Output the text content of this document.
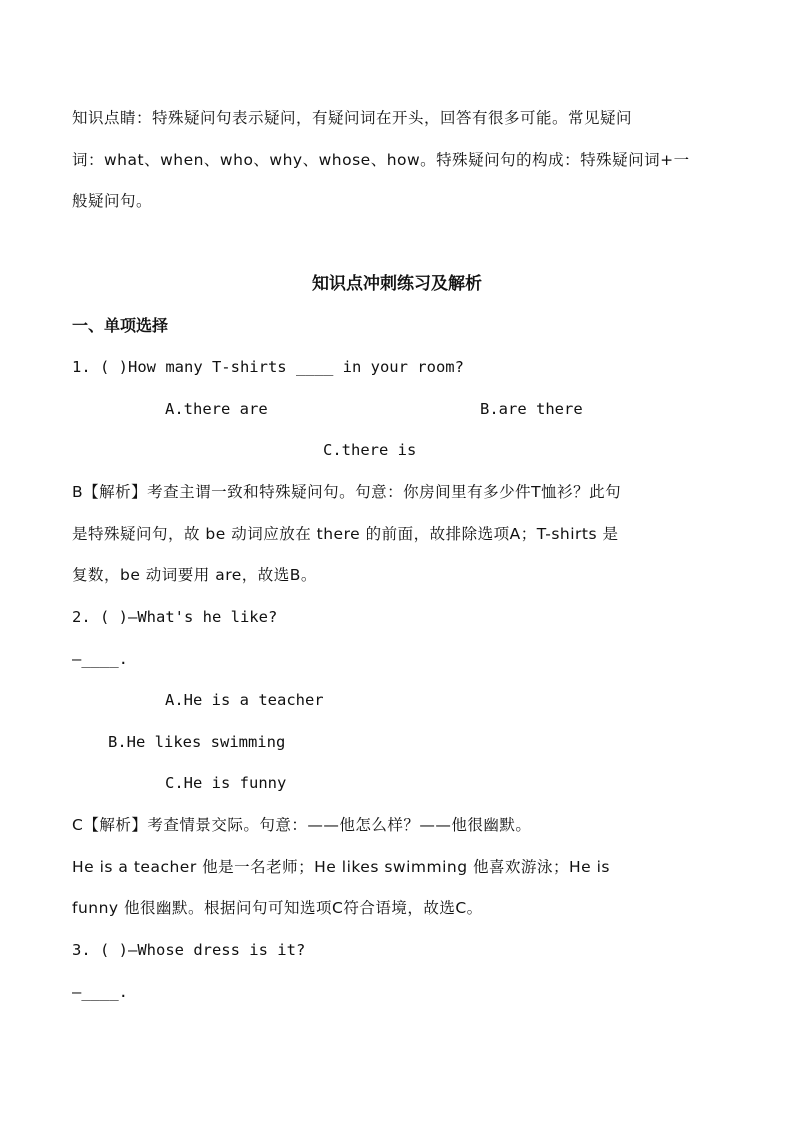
知识点睛：特殊疑问句表示疑问，有疑问词在开头，回答有很多可能。常见疑问
词：what、when、who、why、whose、how。特殊疑问句的构成：特殊疑问词+一
般疑问句。
知识点冲刺练习及解析
一、单项选择
1. ( )How many T-shirts ____ in your room?
A.there are	B.are there
C.there is
B【解析】考查主谓一致和特殊疑问句。句意：你房间里有多少件T恤衫？此句
是特殊疑问句，故 be 动词应放在 there 的前面，故排除选项A；T-shirts 是
复数，be 动词要用 are，故选B。
2. ( )—What's he like?
—____.
A.He is a teacher
B.He likes swimming
C.He is funny
C【解析】考查情景交际。句意：——他怎么样？——他很幽默。
He is a teacher 他是一名老师；He likes swimming 他喜欢游泳；He is
funny 他很幽默。根据问句可知选项C符合语境，故选C。
3. ( )—Whose dress is it?
—____.
